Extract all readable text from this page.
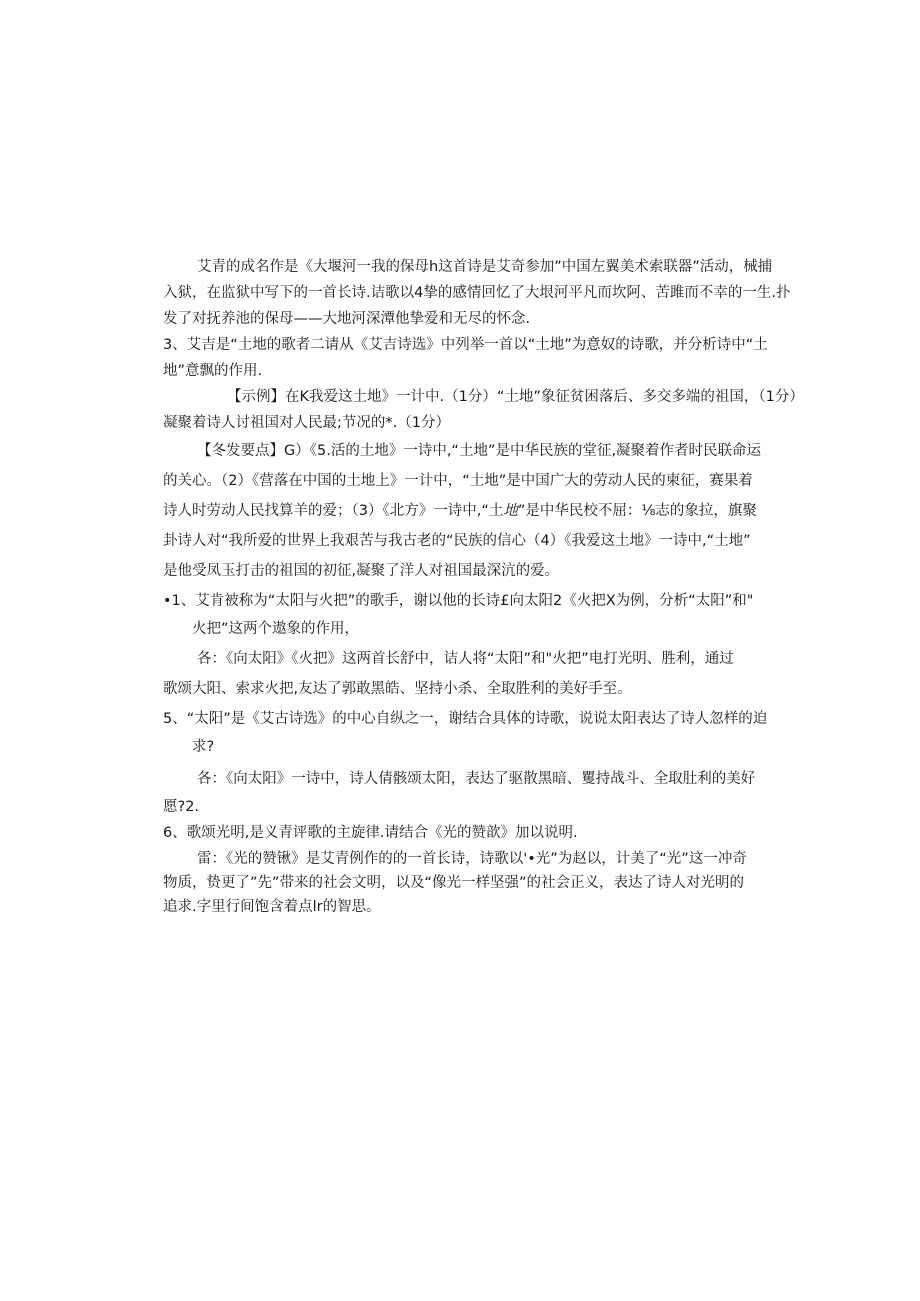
艾青的成名作是《大堰河一我的保母h这首诗是艾奇参加”中国左翼美术索联器”活动，械捕
入狱，在监狱中写下的一首长诗.诘歌以4挚的感情回忆了大垠河平凡而坎阿、苦雎而不幸的一生.扑
发了对抚养池的保母——大地河深潭他挚爱和无尽的怀念.
3、艾吉是“土地的歌者二请从《艾吉诗选》中列举一首以“土地”为意奴的诗歌，并分析诗中“土
地”意飘的作用.
【示例】在K我爱这土地》一计中.（1分）“土地”象征贫困落后、多交多端的祖国，（1分）
凝聚着诗人讨祖国对人民最;节况的*.（1分）
【冬发要点】G）《5.活的土地》一诗中,“土地”是中华民族的堂征,凝聚着作者时民联命运
的关心。（2）《营落在中国的土地上》一计中，“土地”是中国广大的劳动人民的柬征，赛果着
诗人时劳动人民找算羊的爱；（3）《北方》一诗中,“土地”是中华民校不屈：⅛志的象拉，旗聚
卦诗人对“我所爱的世界上我艰苦与我古老的“民族的信心（4）《我爱这土地》一诗中,“土地”
是他受凤玉打击的祖国的初征,凝聚了洋人对祖国最深沆的爱。
•1、艾肯被称为“太阳与火把”的歌手，谢以他的长诗£向太阳2《火把X为例，分析“太阳”和"
火把”这两个遨象的作用，
各：《向太阳》《火把》这两首长舒中，诘人将“太阳”和"火把”电打光明、胜利，通过
歌颂大阳、索求火把,友达了郭敢黑皓、坚持小杀、全取胜利的美好手至。
5、“太阳”是《艾古诗选》的中心自纵之一，谢结合具体的诗歌，说说太阳表达了诗人忽样的迫
求?
各：《向太阳》一诗中，诗人倩骸颂太阳，表达了驱散黑暗、矍持战斗、全取肚利的美好
愿?2.
6、歌颂光明,是义青评歌的主旋律.请结合《光的赞歆》加以说明.
雷：《光的赞锹》是艾青例作的的一首长诗，诗歌以'•光”为赵以，计美了“光”这一冲奇
物质，贽更了”先”带来的社会文明，以及“像光一样坚强”的社会正义，表达了诗人对光明的
追求.字里行间饱含着点lr的智思。
